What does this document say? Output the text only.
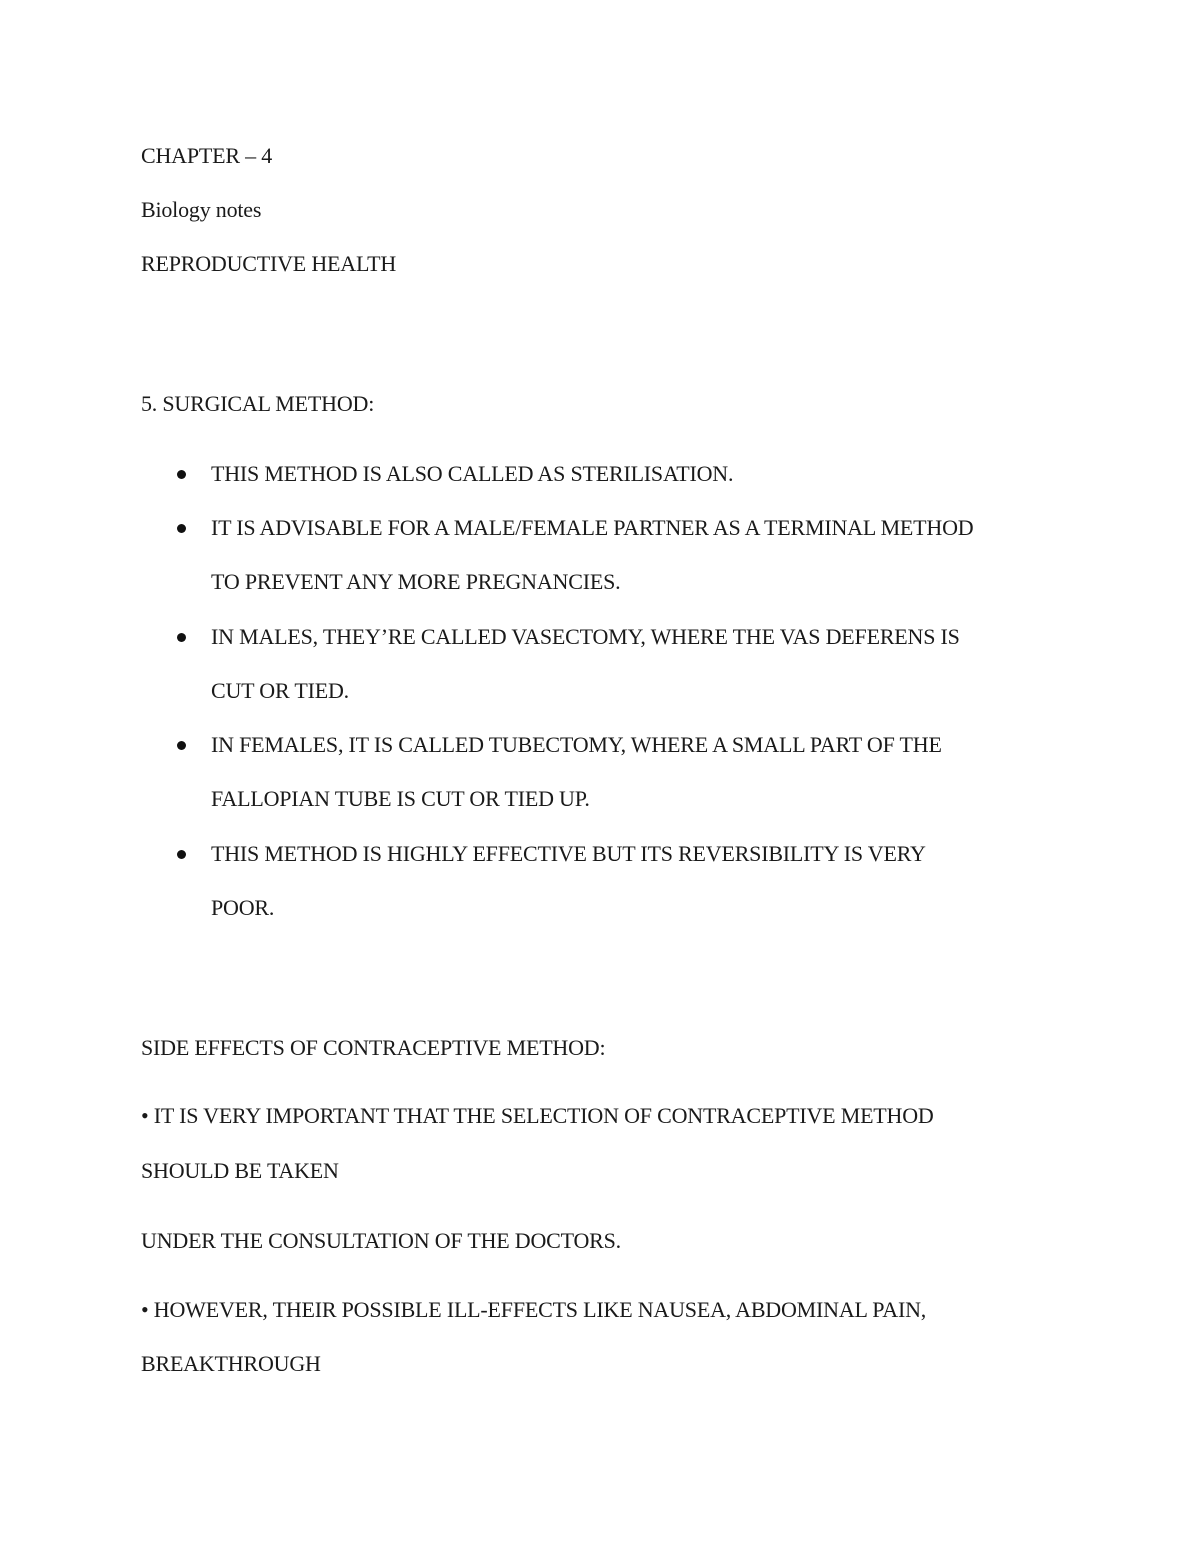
CHAPTER – 4
Biology notes
REPRODUCTIVE HEALTH
5. SURGICAL METHOD:
THIS METHOD IS ALSO CALLED AS STERILISATION.
IT IS ADVISABLE FOR A MALE/FEMALE PARTNER AS A TERMINAL METHOD
TO PREVENT ANY MORE PREGNANCIES.
IN MALES, THEY’RE CALLED VASECTOMY, WHERE THE VAS DEFERENS IS
CUT OR TIED.
IN FEMALES, IT IS CALLED TUBECTOMY, WHERE A SMALL PART OF THE
FALLOPIAN TUBE IS CUT OR TIED UP.
THIS METHOD IS HIGHLY EFFECTIVE BUT ITS REVERSIBILITY IS VERY
POOR.
SIDE EFFECTS OF CONTRACEPTIVE METHOD:
• IT IS VERY IMPORTANT THAT THE SELECTION OF CONTRACEPTIVE METHOD
SHOULD BE TAKEN
UNDER THE CONSULTATION OF THE DOCTORS.
• HOWEVER, THEIR POSSIBLE ILL-EFFECTS LIKE NAUSEA, ABDOMINAL PAIN,
BREAKTHROUGH
